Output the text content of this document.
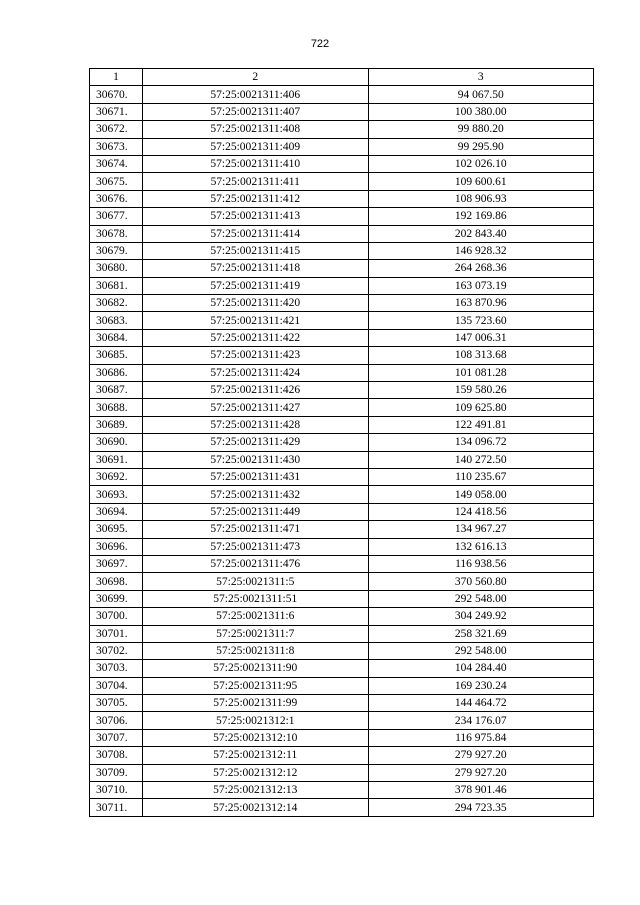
722
1	2	3
30670.	57:25:0021311:406	94 067.50
30671.	57:25:0021311:407	100 380.00
30672.	57:25:0021311:408	99 880.20
30673.	57:25:0021311:409	99 295.90
30674.	57:25:0021311:410	102 026.10
30675.	57:25:0021311:411	109 600.61
30676.	57:25:0021311:412	108 906.93
30677.	57:25:0021311:413	192 169.86
30678.	57:25:0021311:414	202 843.40
30679.	57:25:0021311:415	146 928.32
30680.	57:25:0021311:418	264 268.36
30681.	57:25:0021311:419	163 073.19
30682.	57:25:0021311:420	163 870.96
30683.	57:25:0021311:421	135 723.60
30684.	57:25:0021311:422	147 006.31
30685.	57:25:0021311:423	108 313.68
30686.	57:25:0021311:424	101 081.28
30687.	57:25:0021311:426	159 580.26
30688.	57:25:0021311:427	109 625.80
30689.	57:25:0021311:428	122 491.81
30690.	57:25:0021311:429	134 096.72
30691.	57:25:0021311:430	140 272.50
30692.	57:25:0021311:431	110 235.67
30693.	57:25:0021311:432	149 058.00
30694.	57:25:0021311:449	124 418.56
30695.	57:25:0021311:471	134 967.27
30696.	57:25:0021311:473	132 616.13
30697.	57:25:0021311:476	116 938.56
30698.	57:25:0021311:5	370 560.80
30699.	57:25:0021311:51	292 548.00
30700.	57:25:0021311:6	304 249.92
30701.	57:25:0021311:7	258 321.69
30702.	57:25:0021311:8	292 548.00
30703.	57:25:0021311:90	104 284.40
30704.	57:25:0021311:95	169 230.24
30705.	57:25:0021311:99	144 464.72
30706.	57:25:0021312:1	234 176.07
30707.	57:25:0021312:10	116 975.84
30708.	57:25:0021312:11	279 927.20
30709.	57:25:0021312:12	279 927.20
30710.	57:25:0021312:13	378 901.46
30711.	57:25:0021312:14	294 723.35
